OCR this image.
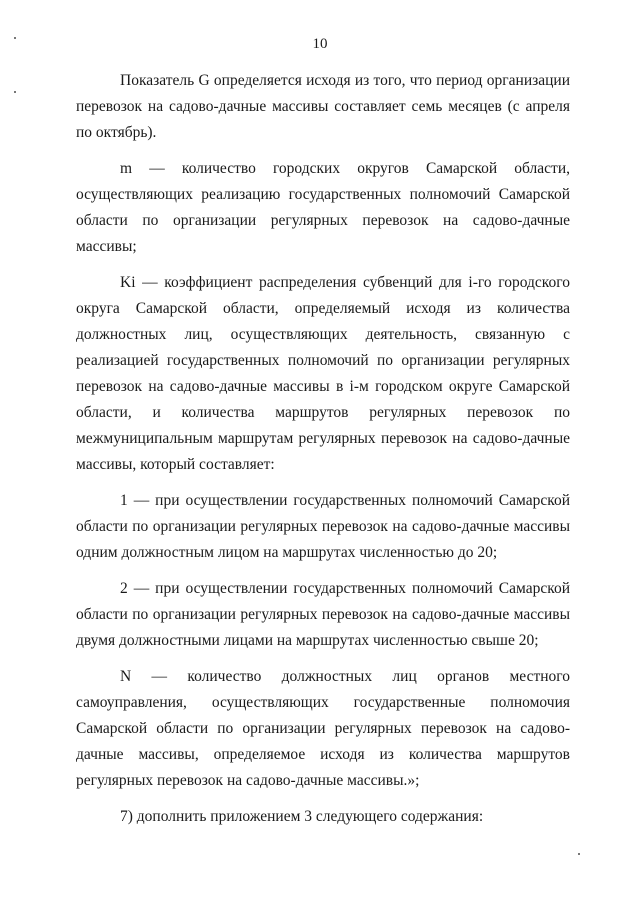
10

Показатель G определяется исходя из того, что период организации перевозок на садово-дачные массивы составляет семь месяцев (с апреля по октябрь).

m — количество городских округов Самарской области, осуществляющих реализацию государственных полномочий Самарской области по организации регулярных перевозок на садово-дачные массивы;

Ki — коэффициент распределения субвенций для i-го городского округа Самарской области, определяемый исходя из количества должностных лиц, осуществляющих деятельность, связанную с реализацией государственных полномочий по организации регулярных перевозок на садово-дачные массивы в i-м городском округе Самарской области, и количества маршрутов регулярных перевозок по межмуниципальным маршрутам регулярных перевозок на садово-дачные массивы, который составляет:

1 — при осуществлении государственных полномочий Самарской области по организации регулярных перевозок на садово-дачные массивы одним должностным лицом на маршрутах численностью до 20;

2 — при осуществлении государственных полномочий Самарской области по организации регулярных перевозок на садово-дачные массивы двумя должностными лицами на маршрутах численностью свыше 20;

N — количество должностных лиц органов местного самоуправления, осуществляющих государственные полномочия Самарской области по организации регулярных перевозок на садово-дачные массивы, определяемое исходя из количества маршрутов регулярных перевозок на садово-дачные массивы.»;

7) дополнить приложением 3 следующего содержания:
